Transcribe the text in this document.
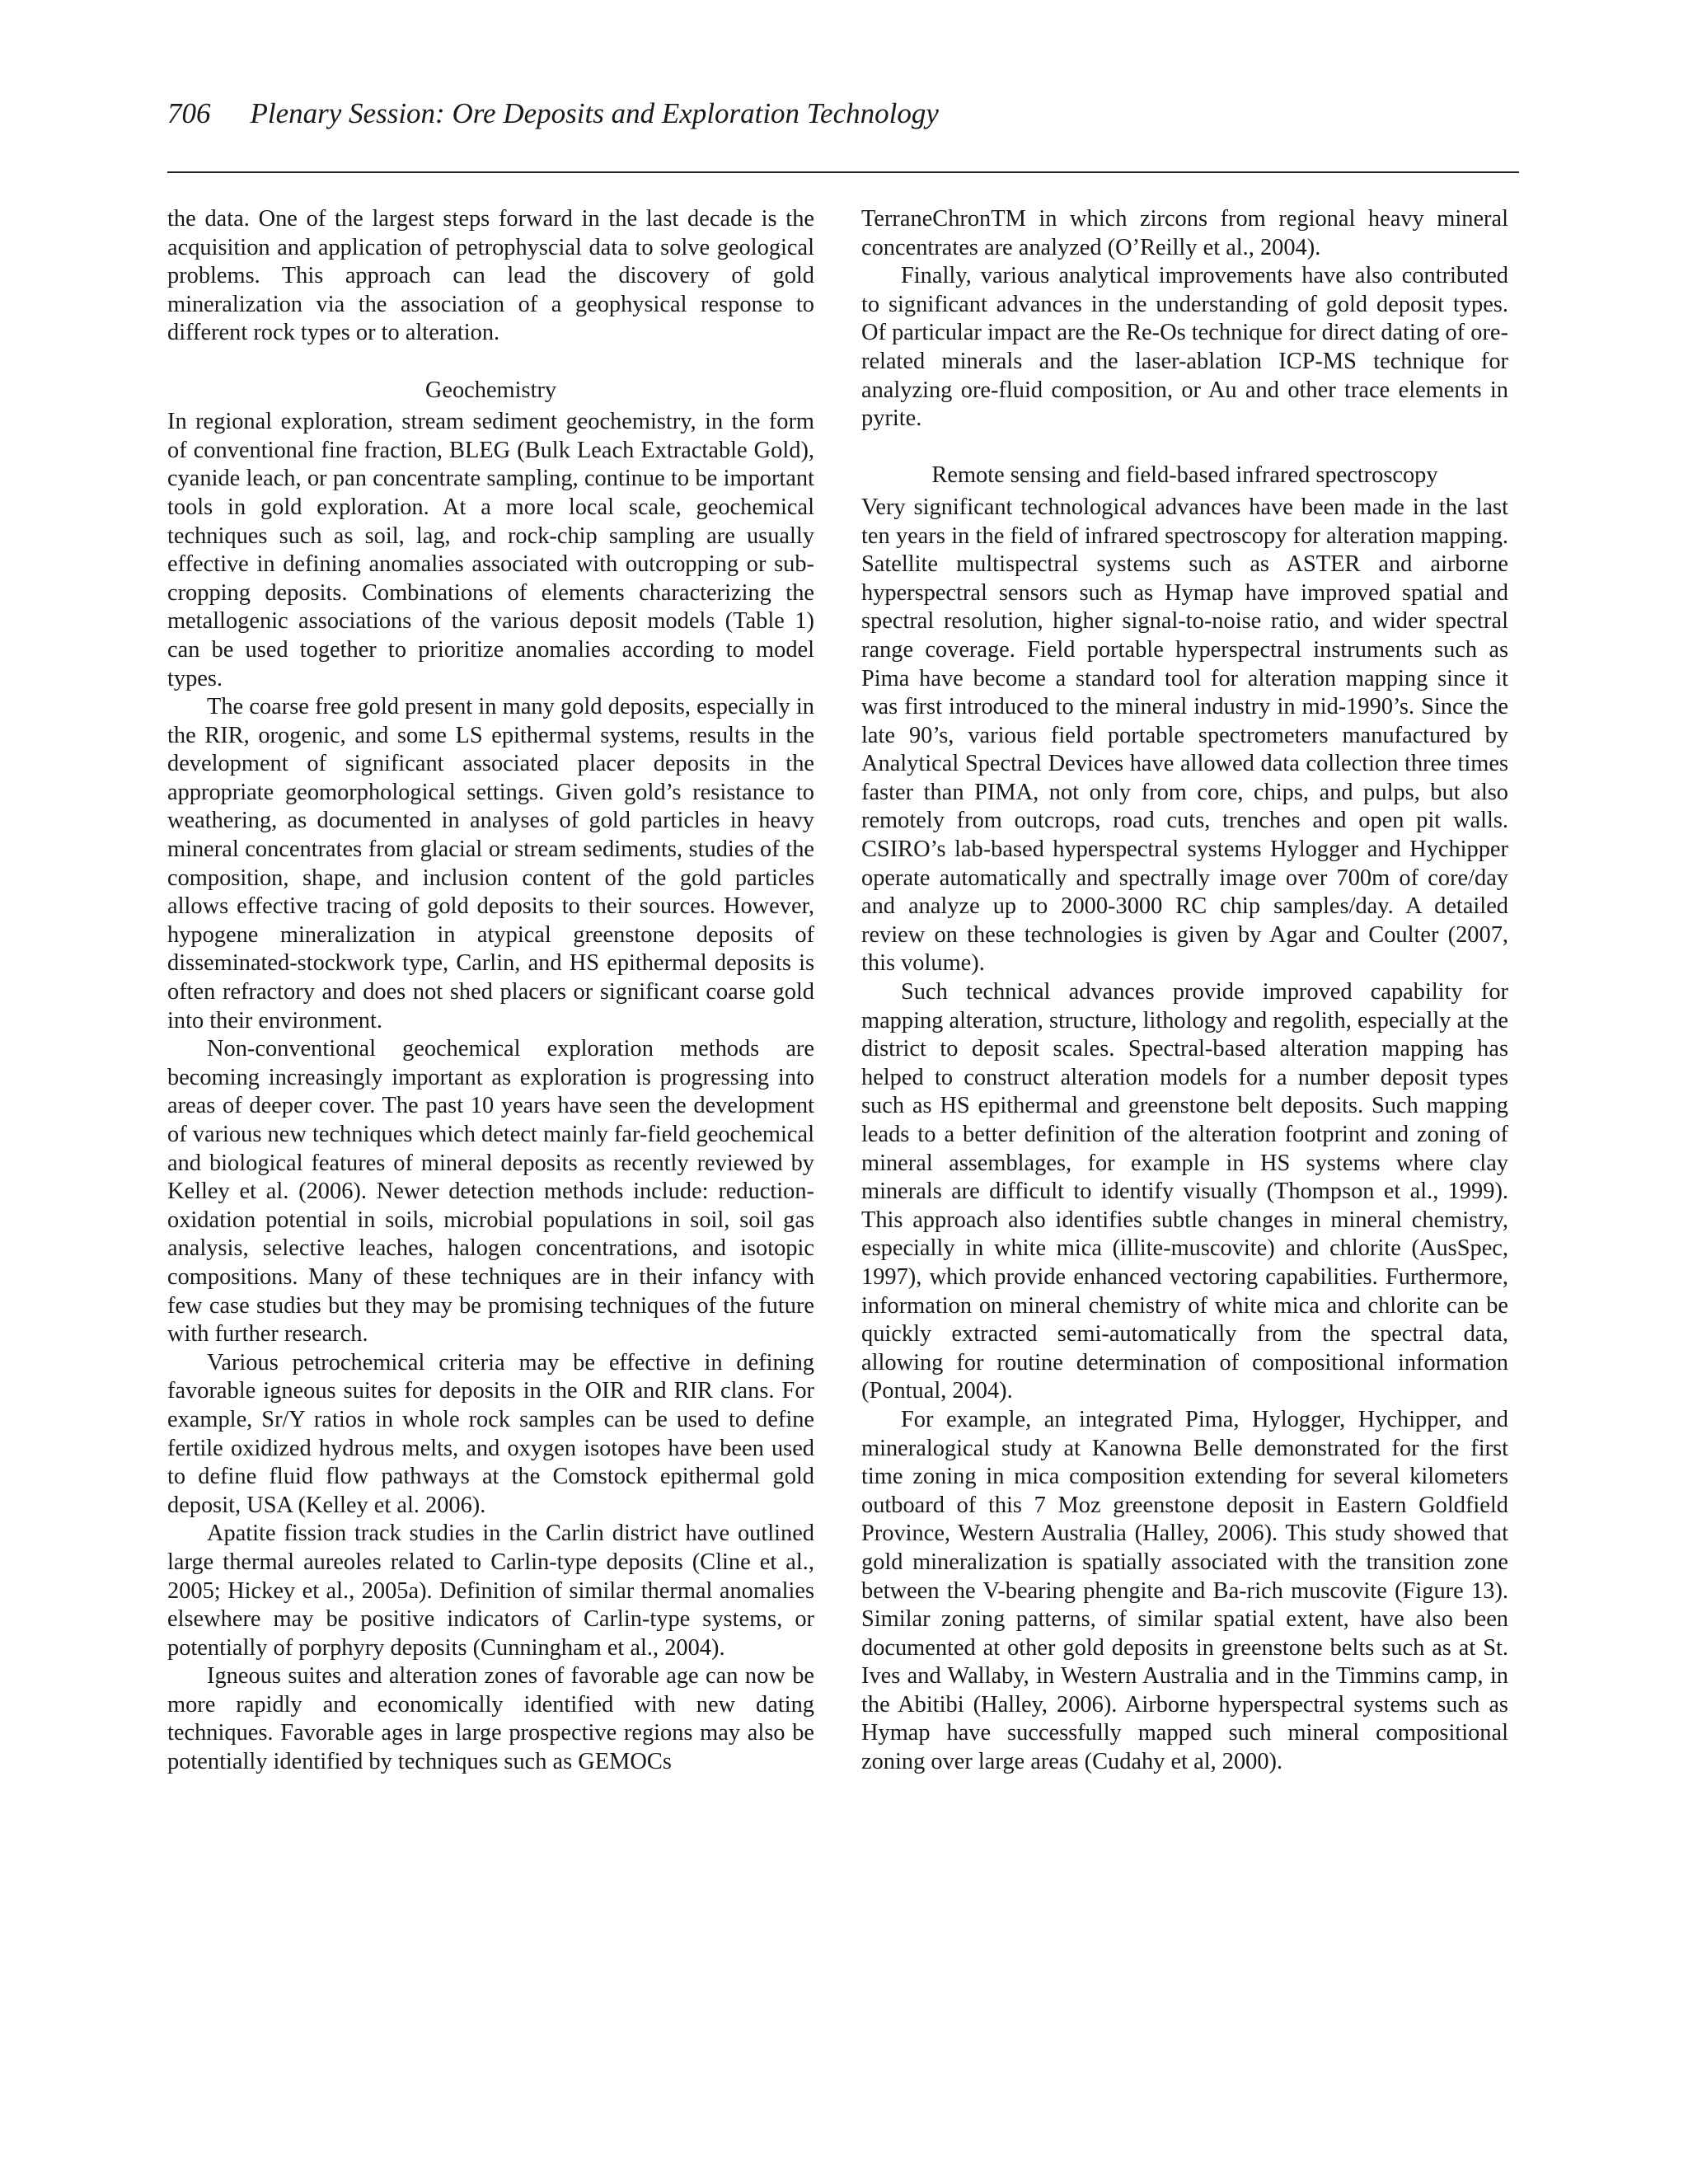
706 Plenary Session: Ore Deposits and Exploration Technology

the data. One of the largest steps forward in the last decade is the acquisition and application of petrophyscial data to solve geological problems. This approach can lead the discovery of gold mineralization via the association of a geophysical response to different rock types or to alteration.

Geochemistry

In regional exploration, stream sediment geochemistry, in the form of conventional fine fraction, BLEG (Bulk Leach Extractable Gold), cyanide leach, or pan concentrate sampling, continue to be important tools in gold exploration. At a more local scale, geochemical techniques such as soil, lag, and rock-chip sampling are usually effective in defining anomalies associated with outcropping or sub-cropping deposits. Combinations of elements characterizing the metallogenic associations of the various deposit models (Table 1) can be used together to prioritize anomalies according to model types.

The coarse free gold present in many gold deposits, especially in the RIR, orogenic, and some LS epithermal systems, results in the development of significant associated placer deposits in the appropriate geomorphological settings. Given gold’s resistance to weathering, as documented in analyses of gold particles in heavy mineral concentrates from glacial or stream sediments, studies of the composition, shape, and inclusion content of the gold particles allows effective tracing of gold deposits to their sources. However, hypogene mineralization in atypical greenstone deposits of disseminated-stockwork type, Carlin, and HS epithermal deposits is often refractory and does not shed placers or significant coarse gold into their environment.

Non-conventional geochemical exploration methods are becoming increasingly important as exploration is progressing into areas of deeper cover. The past 10 years have seen the development of various new techniques which detect mainly far-field geochemical and biological features of mineral deposits as recently reviewed by Kelley et al. (2006). Newer detection methods include: reduction-oxidation potential in soils, microbial populations in soil, soil gas analysis, selective leaches, halogen concentrations, and isotopic compositions. Many of these techniques are in their infancy with few case studies but they may be promising techniques of the future with further research.

Various petrochemical criteria may be effective in defining favorable igneous suites for deposits in the OIR and RIR clans. For example, Sr/Y ratios in whole rock samples can be used to define fertile oxidized hydrous melts, and oxygen isotopes have been used to define fluid flow pathways at the Comstock epithermal gold deposit, USA (Kelley et al. 2006).

Apatite fission track studies in the Carlin district have outlined large thermal aureoles related to Carlin-type deposits (Cline et al., 2005; Hickey et al., 2005a). Definition of similar thermal anomalies elsewhere may be positive indicators of Carlin-type systems, or potentially of porphyry deposits (Cunningham et al., 2004).

Igneous suites and alteration zones of favorable age can now be more rapidly and economically identified with new dating techniques. Favorable ages in large prospective regions may also be potentially identified by techniques such as GEMOCs

TerraneChronTM in which zircons from regional heavy mineral concentrates are analyzed (O’Reilly et al., 2004).

Finally, various analytical improvements have also contributed to significant advances in the understanding of gold deposit types. Of particular impact are the Re-Os technique for direct dating of ore-related minerals and the laser-ablation ICP-MS technique for analyzing ore-fluid composition, or Au and other trace elements in pyrite.

Remote sensing and field-based infrared spectroscopy

Very significant technological advances have been made in the last ten years in the field of infrared spectroscopy for alteration mapping. Satellite multispectral systems such as ASTER and airborne hyperspectral sensors such as Hymap have improved spatial and spectral resolution, higher signal-to-noise ratio, and wider spectral range coverage. Field portable hyperspectral instruments such as Pima have become a standard tool for alteration mapping since it was first introduced to the mineral industry in mid-1990’s. Since the late 90’s, various field portable spectrometers manufactured by Analytical Spectral Devices have allowed data collection three times faster than PIMA, not only from core, chips, and pulps, but also remotely from outcrops, road cuts, trenches and open pit walls. CSIRO’s lab-based hyperspectral systems Hylogger and Hychipper operate automatically and spectrally image over 700m of core/day and analyze up to 2000-3000 RC chip samples/day. A detailed review on these technologies is given by Agar and Coulter (2007, this volume).

Such technical advances provide improved capability for mapping alteration, structure, lithology and regolith, especially at the district to deposit scales. Spectral-based alteration mapping has helped to construct alteration models for a number deposit types such as HS epithermal and greenstone belt deposits. Such mapping leads to a better definition of the alteration footprint and zoning of mineral assemblages, for example in HS systems where clay minerals are difficult to identify visually (Thompson et al., 1999). This approach also identifies subtle changes in mineral chemistry, especially in white mica (illite-muscovite) and chlorite (AusSpec, 1997), which provide enhanced vectoring capabilities. Furthermore, information on mineral chemistry of white mica and chlorite can be quickly extracted semi-automatically from the spectral data, allowing for routine determination of compositional information (Pontual, 2004).

For example, an integrated Pima, Hylogger, Hychipper, and mineralogical study at Kanowna Belle demonstrated for the first time zoning in mica composition extending for several kilometers outboard of this 7 Moz greenstone deposit in Eastern Goldfield Province, Western Australia (Halley, 2006). This study showed that gold mineralization is spatially associated with the transition zone between the V-bearing phengite and Ba-rich muscovite (Figure 13). Similar zoning patterns, of similar spatial extent, have also been documented at other gold deposits in greenstone belts such as at St. Ives and Wallaby, in Western Australia and in the Timmins camp, in the Abitibi (Halley, 2006). Airborne hyperspectral systems such as Hymap have successfully mapped such mineral compositional zoning over large areas (Cudahy et al, 2000).
